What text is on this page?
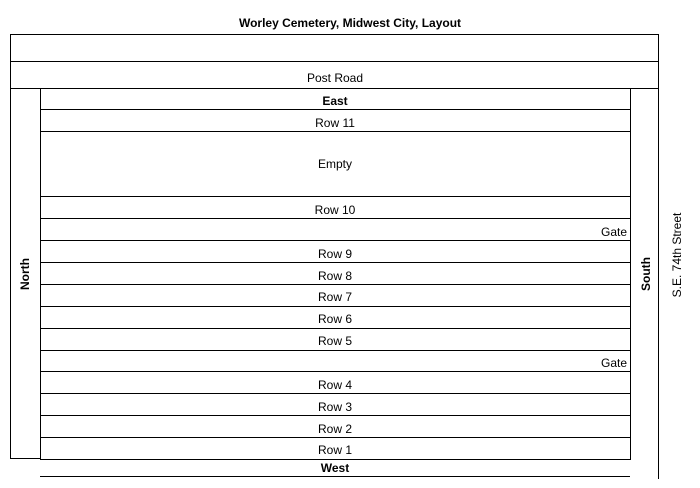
Worley Cemetery, Midwest City, Layout
Post Road
East
West
North	South S.E. 74th Street
Row 11
Empty
Row 10
Gate
Row 9
Row 8
Row 7
Row 6
Row 5
Gate
Row 4
Row 3
Row 2
Row 1
